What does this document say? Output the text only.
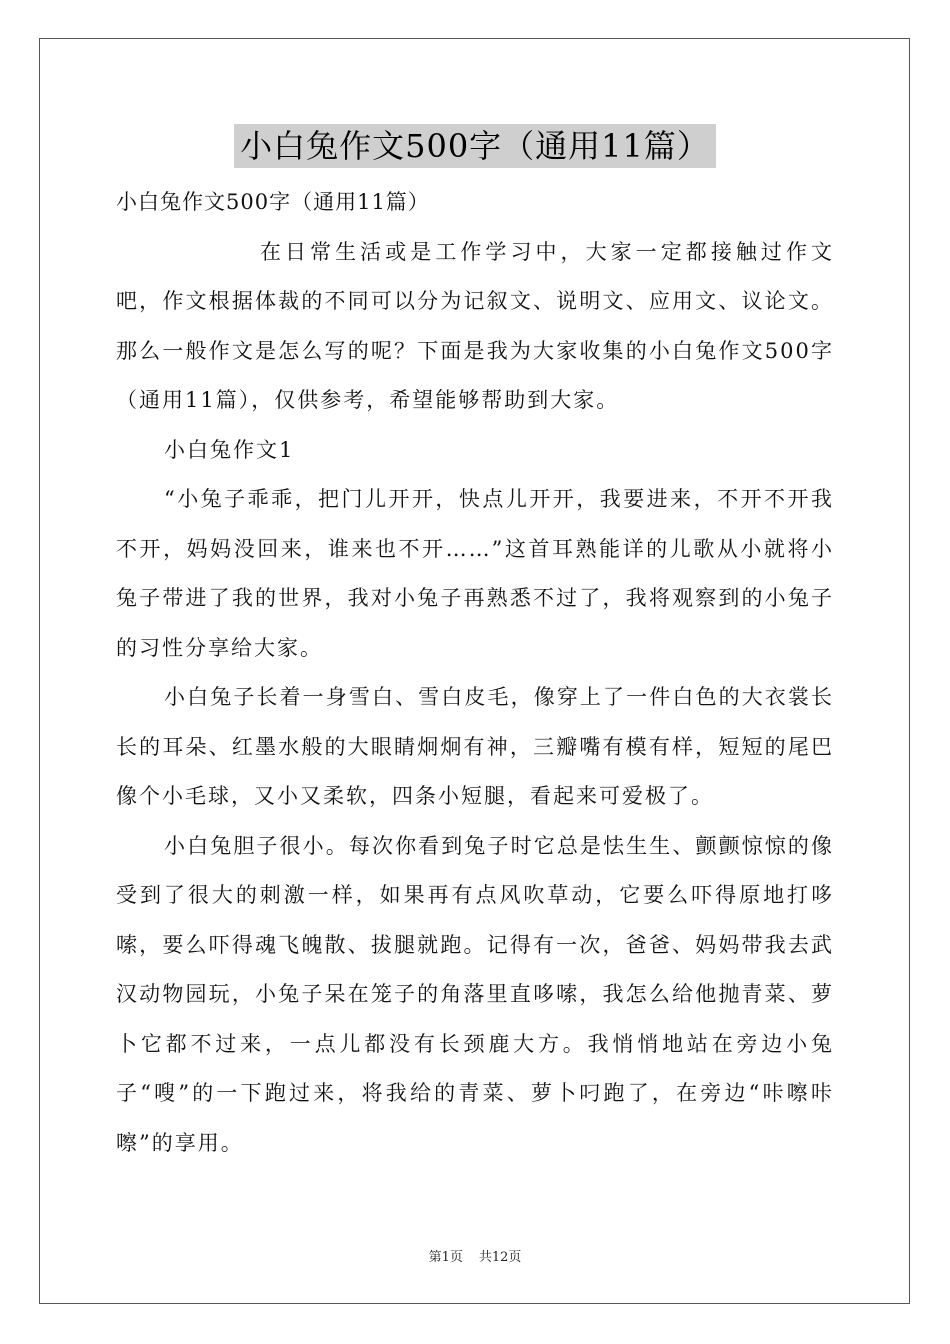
小白兔作文500字（通用11篇）

小白兔作文500字（通用11篇）

在日常生活或是工作学习中，大家一定都接触过作文吧，作文根据体裁的不同可以分为记叙文、说明文、应用文、议论文。那么一般作文是怎么写的呢？下面是我为大家收集的小白兔作文500字（通用11篇），仅供参考，希望能够帮助到大家。

小白兔作文1

“小兔子乖乖，把门儿开开，快点儿开开，我要进来，不开不开我不开，妈妈没回来，谁来也不开……”这首耳熟能详的儿歌从小就将小兔子带进了我的世界，我对小兔子再熟悉不过了，我将观察到的小兔子的习性分享给大家。

小白兔子长着一身雪白、雪白皮毛，像穿上了一件白色的大衣裳长长的耳朵、红墨水般的大眼睛炯炯有神，三瓣嘴有模有样，短短的尾巴像个小毛球，又小又柔软，四条小短腿，看起来可爱极了。

小白兔胆子很小。每次你看到兔子时它总是怯生生、颤颤惊惊的像受到了很大的刺激一样，如果再有点风吹草动，它要么吓得原地打哆嗦，要么吓得魂飞魄散、拔腿就跑。记得有一次，爸爸、妈妈带我去武汉动物园玩，小兔子呆在笼子的角落里直哆嗦，我怎么给他抛青菜、萝卜它都不过来，一点儿都没有长颈鹿大方。我悄悄地站在旁边小兔子“嗖”的一下跑过来，将我给的青菜、萝卜叼跑了，在旁边“咔嚓咔嚓”的享用。

第1页 共12页
